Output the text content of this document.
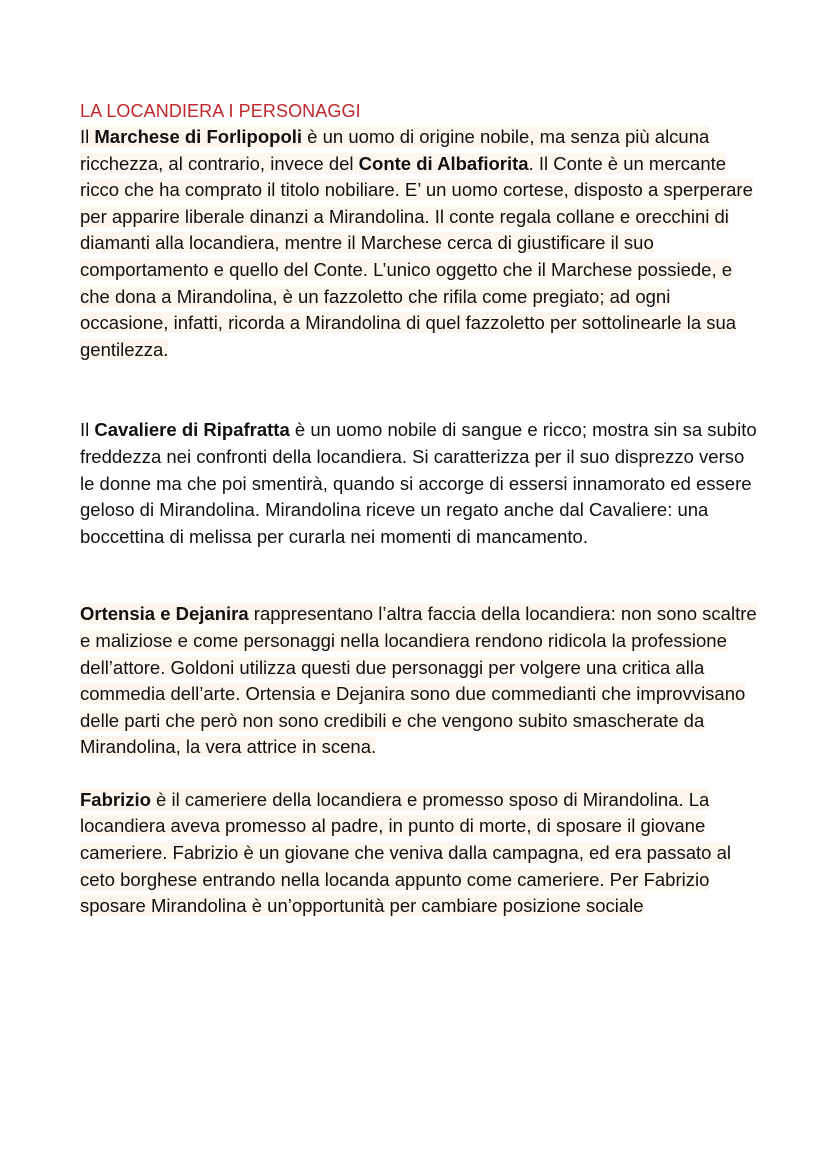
LA LOCANDIERA I PERSONAGGI

Il Marchese di Forlipopoli è un uomo di origine nobile, ma senza più alcuna ricchezza, al contrario, invece del Conte di Albafiorita. Il Conte è un mercante ricco che ha comprato il titolo nobiliare. E’ un uomo cortese, disposto a sperperare per apparire liberale dinanzi a Mirandolina. Il conte regala collane e orecchini di diamanti alla locandiera, mentre il Marchese cerca di giustificare il suo comportamento e quello del Conte. L’unico oggetto che il Marchese possiede, e che dona a Mirandolina, è un fazzoletto che rifila come pregiato; ad ogni occasione, infatti, ricorda a Mirandolina di quel fazzoletto per sottolinearle la sua gentilezza.

Il Cavaliere di Ripafratta è un uomo nobile di sangue e ricco; mostra sin sa subito freddezza nei confronti della locandiera. Si caratterizza per il suo disprezzo verso le donne ma che poi smentirà, quando si accorge di essersi innamorato ed essere geloso di Mirandolina. Mirandolina riceve un regato anche dal Cavaliere: una boccettina di melissa per curarla nei momenti di mancamento.

Ortensia e Dejanira rappresentano l’altra faccia della locandiera: non sono scaltre e maliziose e come personaggi nella locandiera rendono ridicola la professione dell’attore. Goldoni utilizza questi due personaggi per volgere una critica alla commedia dell’arte. Ortensia e Dejanira sono due commedianti che improvvisano delle parti che però non sono credibili e che vengono subito smascherate da Mirandolina, la vera attrice in scena.

Fabrizio è il cameriere della locandiera e promesso sposo di Mirandolina. La locandiera aveva promesso al padre, in punto di morte, di sposare il giovane cameriere. Fabrizio è un giovane che veniva dalla campagna, ed era passato al ceto borghese entrando nella locanda appunto come cameriere. Per Fabrizio sposare Mirandolina è un’opportunità per cambiare posizione sociale
